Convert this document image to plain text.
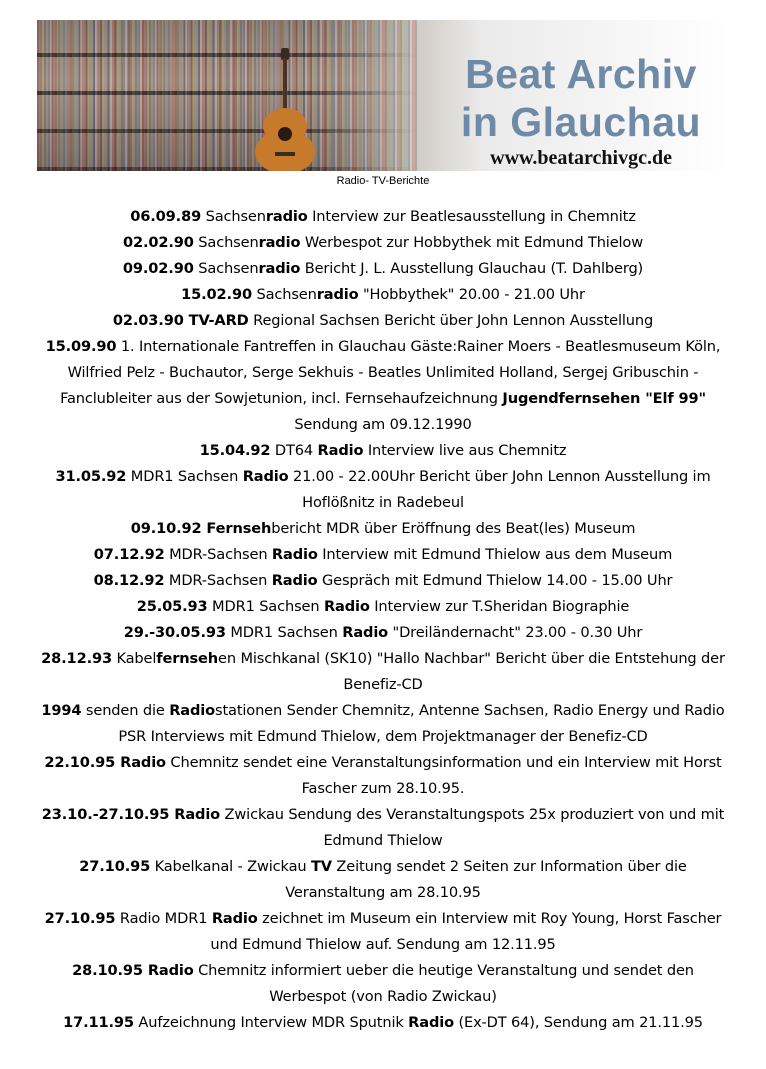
Beat Archiv
in Glauchau
www.beatarchivgc.de
Radio- TV-Berichte
06.09.89 Sachsenradio Interview zur Beatlesausstellung in Chemnitz
02.02.90 Sachsenradio Werbespot zur Hobbythek mit Edmund Thielow
09.02.90 Sachsenradio Bericht J. L. Ausstellung Glauchau (T. Dahlberg)
15.02.90 Sachsenradio "Hobbythek" 20.00 - 21.00 Uhr
02.03.90 TV-ARD Regional Sachsen Bericht über John Lennon Ausstellung
15.09.90 1. Internationale Fantreffen in Glauchau Gäste:Rainer Moers - Beatlesmuseum Köln,
Wilfried Pelz - Buchautor, Serge Sekhuis - Beatles Unlimited Holland, Sergej Gribuschin -
Fanclubleiter aus der Sowjetunion, incl. Fernsehaufzeichnung Jugendfernsehen "Elf 99"
Sendung am 09.12.1990
15.04.92 DT64 Radio Interview live aus Chemnitz
31.05.92 MDR1 Sachsen Radio 21.00 - 22.00Uhr Bericht über John Lennon Ausstellung im
Hoflößnitz in Radebeul
09.10.92 Fernsehbericht MDR über Eröffnung des Beat(les) Museum
07.12.92 MDR-Sachsen Radio Interview mit Edmund Thielow aus dem Museum
08.12.92 MDR-Sachsen Radio Gespräch mit Edmund Thielow 14.00 - 15.00 Uhr
25.05.93 MDR1 Sachsen Radio Interview zur T.Sheridan Biographie
29.-30.05.93 MDR1 Sachsen Radio "Dreiländernacht" 23.00 - 0.30 Uhr
28.12.93 Kabelfernsehen Mischkanal (SK10) "Hallo Nachbar" Bericht über die Entstehung der
Benefiz-CD
1994 senden die Radiostationen Sender Chemnitz, Antenne Sachsen, Radio Energy und Radio
PSR Interviews mit Edmund Thielow, dem Projektmanager der Benefiz-CD
22.10.95 Radio Chemnitz sendet eine Veranstaltungsinformation und ein Interview mit Horst
Fascher zum 28.10.95.
23.10.-27.10.95 Radio Zwickau Sendung des Veranstaltungspots 25x produziert von und mit
Edmund Thielow
27.10.95 Kabelkanal - Zwickau TV Zeitung sendet 2 Seiten zur Information über die
Veranstaltung am 28.10.95
27.10.95 Radio MDR1 Radio zeichnet im Museum ein Interview mit Roy Young, Horst Fascher
und Edmund Thielow auf. Sendung am 12.11.95
28.10.95 Radio Chemnitz informiert ueber die heutige Veranstaltung und sendet den
Werbespot (von Radio Zwickau)
17.11.95 Aufzeichnung Interview MDR Sputnik Radio (Ex-DT 64), Sendung am 21.11.95
